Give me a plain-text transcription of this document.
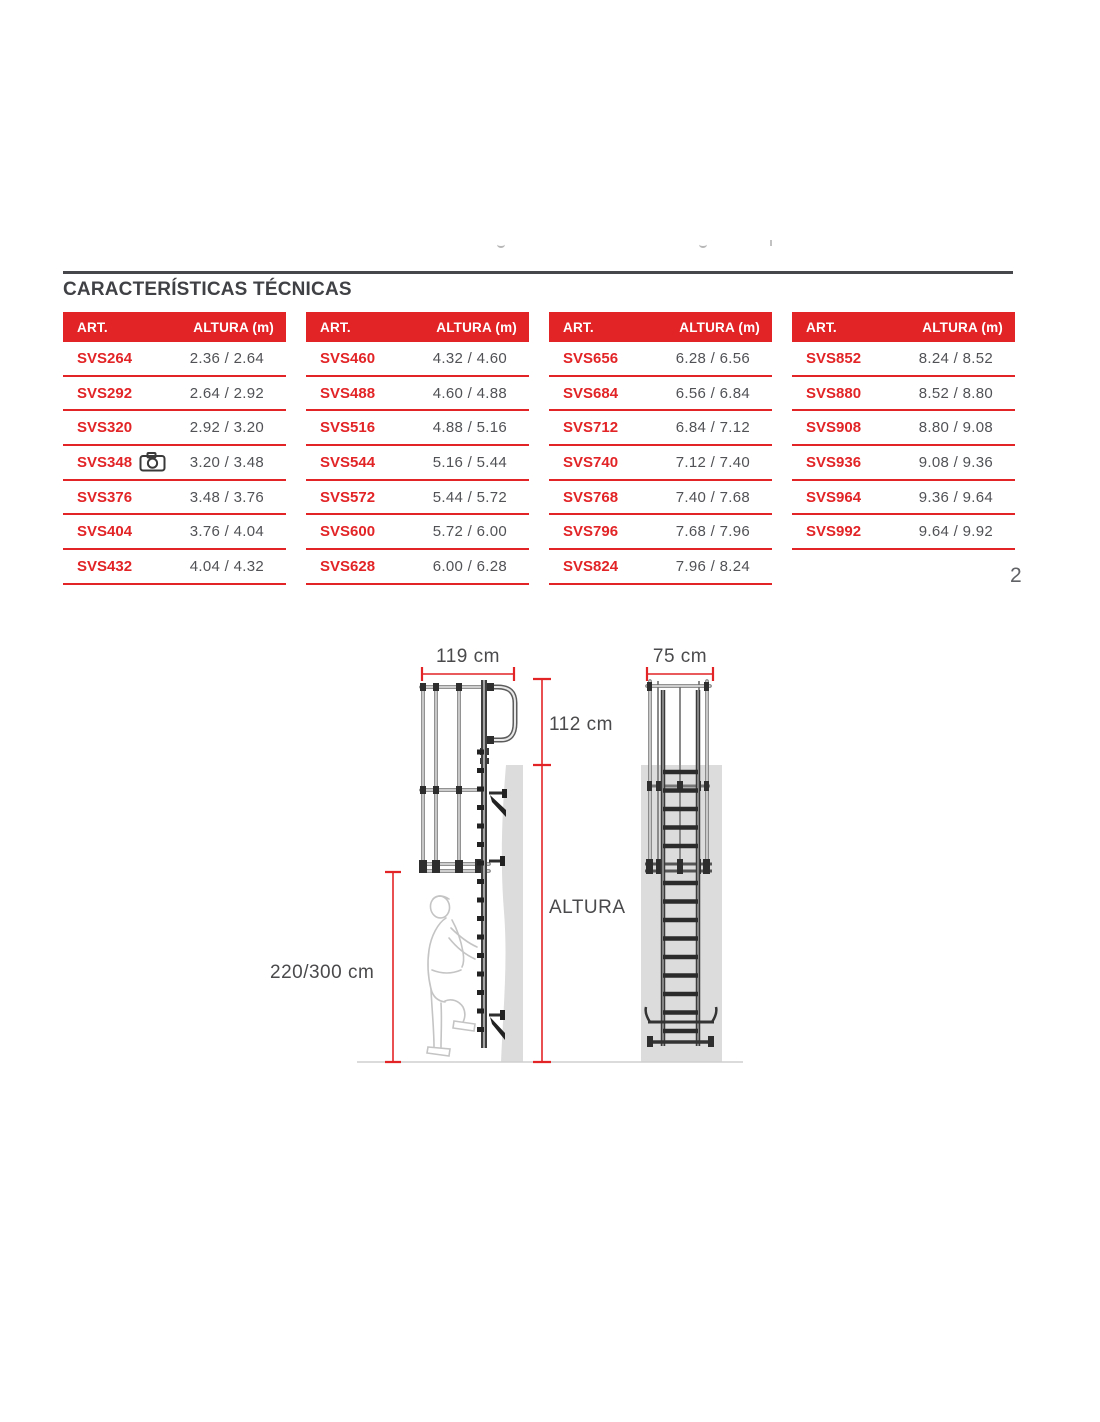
CARACTERÍSTICAS TÉCNICAS
ART.	ALTURA (m)
SVS264	2.36 / 2.64
SVS292	2.64 / 2.92
SVS320	2.92 / 3.20
SVS348	3.20 / 3.48
SVS376	3.48 / 3.76
SVS404	3.76 / 4.04
SVS432	4.04 / 4.32
ART.	ALTURA (m)
SVS460	4.32 / 4.60
SVS488	4.60 / 4.88
SVS516	4.88 / 5.16
SVS544	5.16 / 5.44
SVS572	5.44 / 5.72
SVS600	5.72 / 6.00
SVS628	6.00 / 6.28
ART.	ALTURA (m)
SVS656	6.28 / 6.56
SVS684	6.56 / 6.84
SVS712	6.84 / 7.12
SVS740	7.12 / 7.40
SVS768	7.40 / 7.68
SVS796	7.68 / 7.96
SVS824	7.96 / 8.24
ART.	ALTURA (m)
SVS852	8.24 / 8.52
SVS880	8.52 / 8.80
SVS908	8.80 / 9.08
SVS936	9.08 / 9.36
SVS964	9.36 / 9.64
SVS992	9.64 / 9.92
119 cm	75 cm
112 cm
ALTURA
220/300 cm
2
